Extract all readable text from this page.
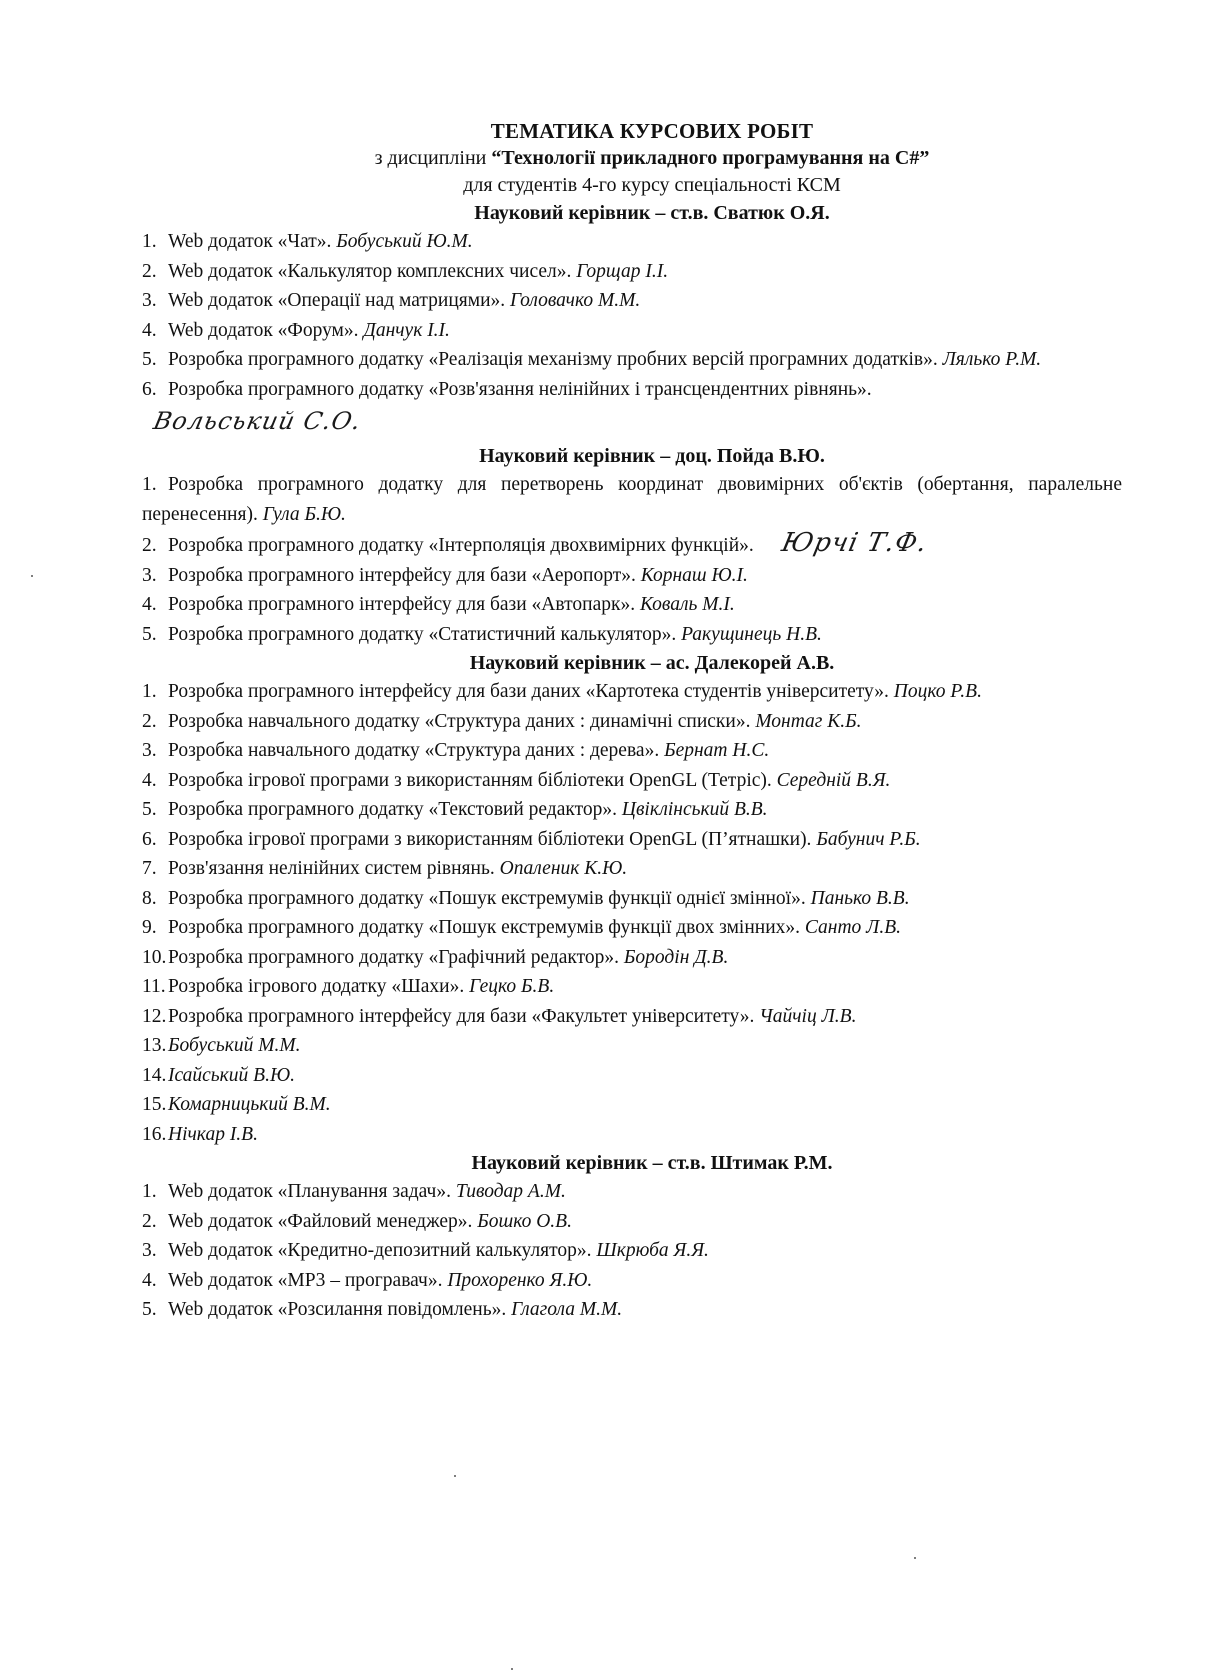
ТЕМАТИКА КУРСОВИХ РОБІТ
з дисципліни “Технології прикладного програмування на C#”
для студентів 4-го курсу спеціальності КСМ
Науковий керівник – ст.в. Сватюк О.Я.
1. Web додаток «Чат». Бобуський Ю.М.
2. Web додаток «Калькулятор комплексних чисел». Горщар І.І.
3. Web додаток «Операції над матрицями». Головачко М.М.
4. Web додаток «Форум». Данчук І.І.
5. Розробка програмного додатку «Реалізація механізму пробних версій програмних додатків». Лялько Р.М.
6. Розробка програмного додатку «Розв'язання нелінійних і трансцендентних рівнянь».
Вольський С.О.
Науковий керівник – доц. Пойда В.Ю.
1. Розробка програмного додатку для перетворень координат двовимірних об'єктів (обертання, паралельне перенесення). Гула Б.Ю.
2. Розробка програмного додатку «Інтерполяція двохвимірних функцій». Юрчі Т.Ф.
3. Розробка програмного інтерфейсу для бази «Аеропорт». Корнаш Ю.І.
4. Розробка програмного інтерфейсу для бази «Автопарк». Коваль М.І.
5. Розробка програмного додатку «Статистичний калькулятор». Ракущинець Н.В.
Науковий керівник – ас. Далекорей А.В.
1. Розробка програмного інтерфейсу для бази даних «Картотека студентів університету». Поцко Р.В.
2. Розробка навчального додатку «Структура даних : динамічні списки». Монтаг К.Б.
3. Розробка навчального додатку «Структура даних : дерева». Бернат Н.С.
4. Розробка ігрової програми з використанням бібліотеки OpenGL (Тетріс). Середній В.Я.
5. Розробка програмного додатку «Текстовий редактор». Цвіклінський В.В.
6. Розробка ігрової програми з використанням бібліотеки OpenGL (П’ятнашки). Бабунич Р.Б.
7. Розв'язання нелінійних систем рівнянь. Опаленик К.Ю.
8. Розробка програмного додатку «Пошук екстремумів функції однієї змінної». Панько В.В.
9. Розробка програмного додатку «Пошук екстремумів функції двох змінних». Санто Л.В.
10.Розробка програмного додатку «Графічний редактор». Бородін Д.В.
11. Розробка ігрового додатку «Шахи». Гецко Б.В.
12.Розробка програмного інтерфейсу для бази «Факультет університету». Чайчіц Л.В.
13.Бобуський М.М.
14.Ісайський В.Ю.
15.Комарницький В.М.
16.Нічкар І.В.
Науковий керівник – ст.в. Штимак Р.М.
1. Web додаток «Планування задач». Тиводар А.М.
2. Web додаток «Файловий менеджер». Бошко О.В.
3. Web додаток «Кредитно-депозитний калькулятор». Шкрюба Я.Я.
4. Web додаток «MP3 – програвач». Прохоренко Я.Ю.
5. Web додаток «Розсилання повідомлень». Глагола М.М.
